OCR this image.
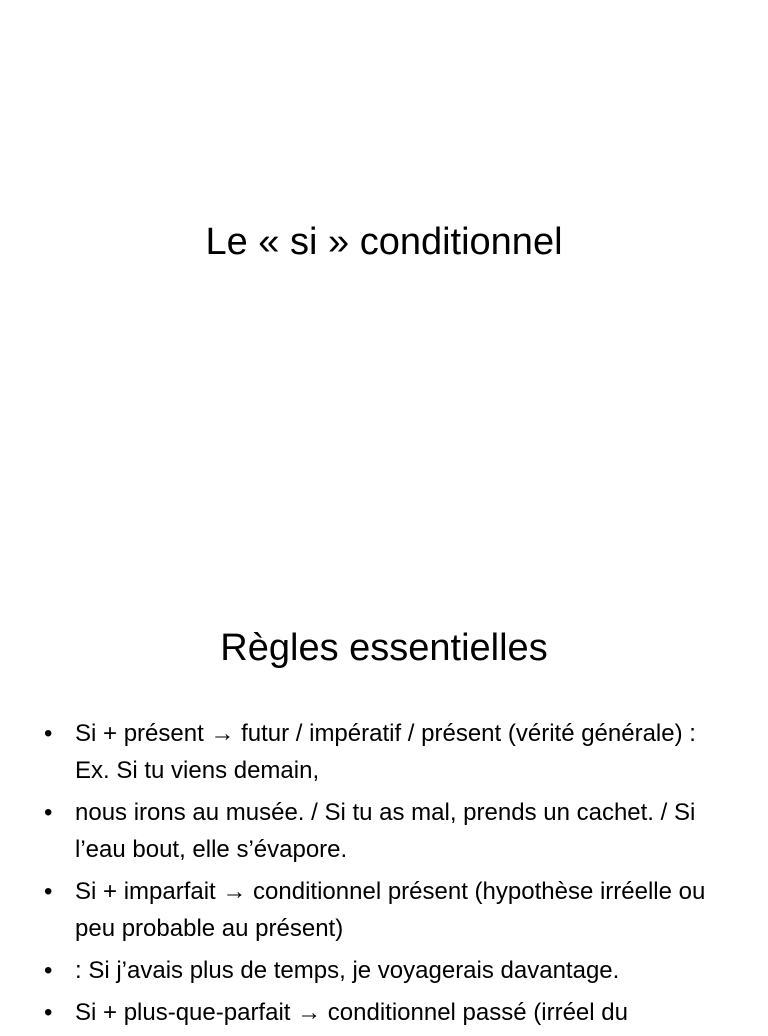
Le « si » conditionnel
Règles essentielles
• Si + présent → futur / impératif / présent (vérité générale) : Ex. Si tu viens demain,
• nous irons au musée. / Si tu as mal, prends un cachet. / Si l’eau bout, elle s’évapore.
• Si + imparfait → conditionnel présent (hypothèse irréelle ou peu probable au présent)
• : Si j’avais plus de temps, je voyagerais davantage.
• Si + plus-que-parfait → conditionnel passé (irréel du
